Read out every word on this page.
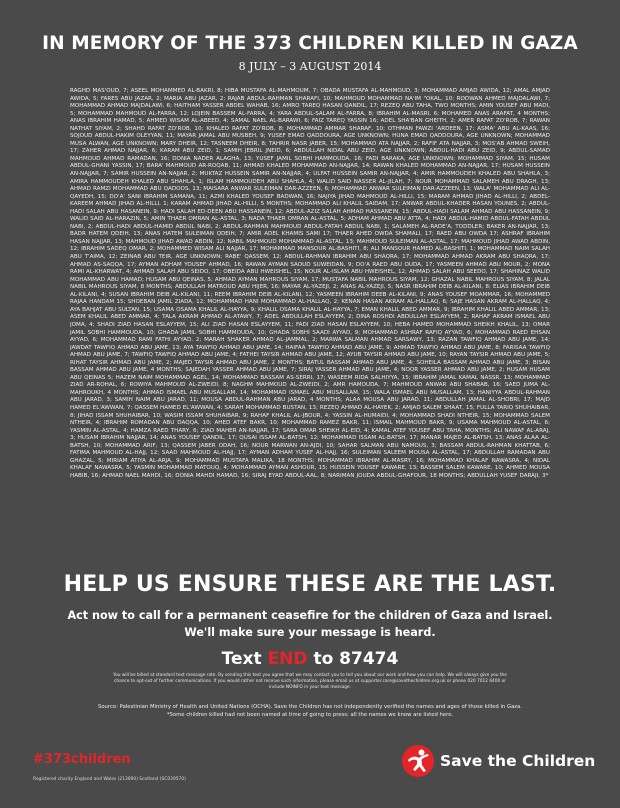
IN MEMORY OF THE 373 CHILDREN KILLED IN GAZA
8 JULY – 3 AUGUST 2014
RAGHD MAS'OUD, 7; ASEEL MOHAMMED AL-BAKRI, 8; HIBA MUSTAFA AL-MAHMOUM, 7; OBADA MUSTAFA AL-MAHMOUD, 3; MOHAMMAD AMJAD AWIDA, 12; AMAL AMJAD AWIDA, 5; FARES ABU JAZAR, 2; MARIA ABU JAZAR, 2; RAJAB ABDUL-RAHMAN SHARAFI, 10; MAHMOUD MOHAMMAD NA'IM "OKAL, 10; RODWAN AHMED MAJDALAWI, 7; MOHAMMAD AHMAD MAJDALAWI, 6; HAITHAM YASSER ABDEL WAHAB, 16; AMRO TAREQ HASAN QANDIL, 17; REZEQ ABU TAHA, TWO MONTHS; AMIN YOUSEF ABU MADI, 5; MOHAMMAD MAHMOUD AL-FARRA, 12; LOJEIN BASSEM AL-FARRA, 4; YARA ABDUL-SALAM AL-FARRA, 8; IBRAHIM AL-MASRI, 6; MOHAMED ANAS ARAFAT, 4 MONTHS; ANAS IBRAHIM HAMAD, 5; AHMED WISAM AL-ABEED, 4; SAMAL NAEL AL-BARAWI, 6; FAIZ TAREQ YASSIN 16; ADEL SHA'BAN GHEITH, 2; AMER RAFAT ZO'ROB, 7; RAWAN NATHAT SIYAM, 2; SHAHD RAFAT ZO'ROB, 10; KHALED RAFAT ZO'ROB, 8; MOHAMMAD AMMAR SHARAF, 10; OTHMAN FAWZI 'ARDEEN, 17; ASMA' ABU AL-KAAS, 16; SOJOUD ABDUL-HAKIM OLEYYAN, 11; MAYAR JAMAL ABU MUSBEH, 9; YUSEF EMAD QADDOURA, AGE UNKNOWN; HUNA EMAD QADDOURA, AGE UNKNOWN; MOHAMMAD MUSA ALWAN, AGE UNKNOWN; MARY DHEIR, 12; TASNEEM DHEIR, 8; TAHRIR NASR JABER, 15; MOHAMMAD ATA NAJJAR, 2; RAFIF ATA NAJJAR, 3; MOS'AB AHMAD SWEIH, 17; ZAHER AHMAD NAJJAR, 6; KARAM ABU ZEID, 1; SAMIH JEBRIL JNEID, 6; ABDULLAH NIDAL ABU ZEID, AGE UNKNOWN; ABDUL-HADI ABU ZEID, 9; ABDUL-SAMAD MAHMOUD AHMAD RAMADAN, 16; DONIA NADER ALAGHA, 13; YUSEF JAMIL SOBHI HAMMOUDA, 16; FADI BARAKA, AGE UNKNOWN; MOHAMMAD SIYAM, 15; HUSAM ABDUL-GHANI YASSIN, 17; BARA' MAHMOUD AR-ROQAB, 11; AHMAD KHALED MOHAMMAD AN-NAJJAR, 14; RAWAN KHALED MOHAMMAD AN-NAJJAR, 17; HUSAM HUSSEIN AN-NAJJAR, 7; SAMIR HUSSEIN AN-NAJJAR, 2; MUKTAZ HUSSEIN SAMIR AN-NAJJAR, 4; ULFAT HUSSEIN SAMIR AN-NAJJAR, 4; AMIR HAMMOUDEH KHALED ABU SHAHLA, 3; AMIRA HAMMOUDEH KHALED ABU SHAHLA, 1; ISLAM HAMMOUDEH ABU SHAHLA, 4; WALID SAID NASSER AL-JILAH, 7; NOUR MOHAMMAD SALAMEH ABU DRAGH, 13; AHMAD RAMZI MOHAMMAD ABU QADOOS, 13; MAISARA ANWAR SULEIMAN DAR-AZZEEN, 6; MOHAMMAD ANWAR SULEIMAN DAR-AZZEEN, 13; WALA' MOHAMMAD ALI AL-QAYEDH, 15; DO'A' SANI IBRAHIM SAMANA, 11; AZMI KHALED YOUSEF BADWAN, 16; NAJIYA JIHAD MAHMOUD AL-HILLI, 15; MARAM AHMAD JIHAD AL-HILLI, 2; ABDEL-KAREEM AHMAD JIHAD AL-HILLI, 1; KARAM AHMAD JIHAD AL-HILLI, 5 MONTHS; MOHAMMAD ALI KHALIL SAIDAM, 17; ANWAR ABDUL-KHADER HASAN YOUNES, 2; ABDUL-HADI SALAH ABU HASANEIN, 9; HADI SALAH ED-DEEN ABU HASSANEIN, 12; ABDUL-AZIZ SALAH AHMAD HASSANEIN, 15; ABDUL-HADI SALAM AHMAD ABU HASSANEIN, 9; WALID SAID AL-HARAZIN, 5; AMIN THAER OMRAN AL-ASTAL, 3; NADA THAER OMRAN AL-ASTAL, 5; ADHAM AHMAD ABU ATTA, 4; HADI ABDUL-HAMID ABDUL-FATAH ABDUL NABI, 2; ABDUL-HADI ABDUL-HAMID ABDUL NABI, 2; ABDUL-RAHMAN MAHMOUD ABDUL-FATAH ABDUL NABI, 1; SALAMEH AL-RADE'A, TODDLER; BAKER AN-NAJJAR, 13; BADR HATEM QDEIH, 13; ANAS HATEM SULEIMAN QDEIH, 7; AMIR ADEL KHAMIS SAMI 17; THAER AHED OWDA SHAMALI, 17; RAED ABU OWDA 17; ASHRAF IBRAHIM HASAN NAJJAR, 13; MAHMOUD JIHAD AWAD ABDIN, 12; NABIL MAHMOUD MOHAMMAD AL-ASTAL, 13; MAHMOUD SULEIMAN AL-ASTAL, 17; MAHMOUD JIHAD AWAD ABDIN, 12; IBRAHIM SADEQ OMAR, 2; MOHAMMED WISAM ALI NAJJAR, 17; MOHAMMAD MANSOUR AL-BASHITI, 8; ALI MANSOUR HAMED AL-BASHITI, 1; MOHAMMAD NAIM SALAH ABU T'AIMA, 12; ZEINAB ABU TEIR, AGE UNKNOWN; RABE' QASSEM, 12; ABDUL-RAHMAN IBRAHIM ABU SHAQRA, 17; MOHAMMAD AHMAD AKRAM ABU SHAQRA, 17; AHMAD AS-SAQQA, 17; AYMAN ADHAM YOUSEF AHMAD, 16; RAWAN AYMAN SAOUD SUWEIDAN, 9; DO'A RAED ABU OUDA, 17; YASMEEN AHMAD ABU MOUR, 2; MONA RAMI AL-KHARWAT, 4; AHMAD SALAH ABU SEIDO, 17; OBEIDA ABU HWEISHEL, 15; NOUR AL-ISLAM ABU HWEISHEL, 12; AHMAD SALAH ABU SEEDO, 17; SHAHINAZ WALID MOHAMMAD ABU HAMAD; HUSAM ABU QEINAS, 5; AHMAD AYMAN MAHROUS SIYAM, 17; MUSTAFA NABIL MAHROUS SIYAM, 12; GHAZAL NABIL MAHROUS SIYAM, 8; JALAL NABIL MAHROUS SIYAM, 8 MONTHS; ABDULLAH MATROUD ABU HIJER, 16; MAYAR AL-YAZEJI, 2; ANAS AL-YAZEJI, 5; NASR IBRAHIM DEIB AL-KILANI, 8; ELIAS IBRAHIM DEIB AL-KILANI, 4; SUSAN IBRAHIM DEIB AL-KILANI, 11; REEM IBRAHIM DEIB AL-KILANI, 12; YASMEEN IBRAHIM DEEB AL-KILANI, 9; ANAS YOUSEF MOAMMAR, 16; MOHAMMED RAJAA HANDAM 15; SHOEBAN JAMIL ZIADA, 12; MOHAMMAD HANI MOHAMMAD AL-HALLAQ, 2; KENAN HASAN AKRAM AL-HALLAQ, 6; SAJE HASAN AKRAM AL-HALLAQ, 4; AYA BAHJAT ABU SULTAN, 15; USAMA OSAMA KHALIL AL-HAYYA, 9; KHALIL OSAMA KHALIL AL-HAYYA, 7; EMAN KHALIL ABED AMMAR, 9; IBRAHIM KHALIL ABED AMMAR, 13; ASEM KHALIL ABED AMMAR, 4; TALA AKRAM AHMAD AL-ATAWY, 7; ADEL ABDULLAH ESLAYYEM, 2; DINA ROSHDI ABDULLAH ESLAYYEM, 2; RAHAF AKRAM ISMAEL ABU JOMA, 4; SHADI ZIAD HASAN ESLAYYEM, 15; ALI ZIAD HASAN ESLAYYEM, 11; FADI ZIAD HASAN ESLAYYEM, 10; HEBA HAMED MOHAMMAD SHEIKH KHALIL, 13; OMAR JAMIL SOBHI HAMMOUDA, 10; GHADA JAMIL SOBHI HAMMOUDA, 10; GHADA SOBHI SAADI AYYAD, 9; MOHAMMAD ASHRAF RAFIQ AYYAD, 6; MOHAMMAD RAED EHSAN AYYAD, 6; MOHAMMAD RAMI FATHI AYYAD, 2; MARAH SHAKER AHMAD AL-JAMMAL, 2; MARWA SALMAN AHMAD SARSAWY, 13; RAZAN TAWFIQ AHMAD ABU JAME, 14; JAWDAT TAWFIQ AHMAD ABU JAME, 13; AYA TAWFIQ AHMAD ABU JAME, 14; HAIFAA TAWFIQ AHMAD ABU JAME, 9; AHMAD TAWFIQ AHMAD ABU JAME, 8; FARISAA TAWFIQ AHMAD ABU JAME, 7; TAWFIQ TAWFIQ AHMAD ABU JAME, 4; FATHEI TAYSIR AHMAD ABU JAME, 12; AYUB TAYSIR AHMAD ABU JAME, 10; RAYAN TAYSIR AHMAD ABU JAME, 5; RIHAT TAYSIR AHMAD ABU JAME, 2; MAJED TAYSIR AHMAD ABU JAME, 2 MONTHS; BATUL BASSAM AHMAD ABU JAME, 4; SOHEILA BASSAM AHMAD ABU JAME, 3; BISAN BASSAM AHMAD ABU JAME, 4 MONTHS; SAJEDAH YASSER AHMAD ABU JAME, 7; SIRAJ YASSER AHMAD ABU JAME, 4; NOOR YASSER AHMAD ABU JAME, 2; HUSAM HUSAM ABU QEINAS 5; HAZEM NAIM MOHAMMAD AGEL, 14; MOHAMMAD BASSAM AS-SERRI, 17; WASEEM RIDA SALHIYYA, 15; IBRAHIM JAMAL KAMAL NASSR, 13; MOHAMMAD ZIAD AR-ROHAL, 6; ROWIYA MAHMOUD AL-ZWEIDI, 8; NAGHM MAHMOUD AL-ZWEIDI, 2; AMR HAMOUDA, 7; MAHMOUD ANWAR ABU SHABAB, 16; SAED JUMA AL-MAHROUKH, 4 MONTHS; AHMAD ISMAEL ABU MUSALLAM, 14; MOHAMMAD ISMAEL ABU MUSALLAM, 15; WALA ISMAEL ABU MUSALLAM, 13; HANIYYA ABDUL-RAHMAN ABU JARAD, 3; SAMIH NAIM ABU JARAD, 11; MOUSA ABDUL-RAHMAN ABU JARAD, 4 MONTHS; ALAA MOUSA ABU JARAD, 11; ABDULLAH JAMAL AL-SHOBRI, 17; MAJD HAMED EL'AWWAN, 7; QASSEM HAMED EL'AWWAN, 4; SARAH MOHAMMAD BUSTAN, 13; REZEQ AHMAD AL-HAYEK, 2; AMJAD SALEM SHAAT, 15; FULLA TARIQ SHUHAIBAR, 8; JIHAD ISSAM SHUHAIBAR, 10; WASIM ISSAM SHUHAIBAR, 9; RAHAF KHALIL AL-JBOUR, 4; YASSIN AL-HUMAIDI, 4; MOHAMMAD SHADI NTHEIR, 15; MOHAMMAD SALEM NTHEIR, 4; IBRAHIM ROMADAN ABU DAQQA, 10; AHED ATEF BAKR, 10; MOHAMMAD RAMEZ BAKR, 11; ISMAIL MAHMOUD BAKR, 9; USAMA MAHMOUD AL-ASTAL, 6; YASMIN AL-ASTAL, 4; HAMZA RAED THARY, 6; ZIAD MAHER AN-NAJJAR, 17; SARA OMAR SHEIKH AL-EID, 4; KAMAL ATEF YOUSEF ABU TAHA, MONTHS; ALI NAWAF AL-ARAJ, 3; HUSAM IBRAHIM NAJJAR, 14; ANAS YOUSEF QANDIL, 17; QUSAI ISSAM AL-BATSH, 12; MOHAMMAD ISSAM AL-BATSH, 17; MANAR MAJED AL-BATSH, 13; ANAS ALAA AL-BATSH, 10; MOHAMMAD ARIF, 13; QASSEM JABER ODAH, 16; NOUR MARWAN AN-AJDI, 10; SAHAR SALMAN ABU NAMOUS, 3; BASSAM ABDUL-RAHMAN KHATTAB, 6; FATIMA MAHMOUD AL-HAJJ, 12; SAAD MAHMOUD AL-HAJJ, 17; AYMAN ADHAM YUSEF AL-HAJJ, 16; SULEIMAN SALEEM MOUSA AL-ASTAL, 17; ABDULLAH RAMADAN ABU GHAZAL, 5; MIRIAM ATIYA AL-ARJA, 9; MOHAMMAD MUSTAFA MALIKA, 18 MONTHS; MOHAMMAD IBRAHIM AL-MASRY, 16; MOHAMMAD KHALAF NAWASRA, 4; NIDAL KHALAF NAWASRA, 5; YASMIN MOHAMMAD MATOUQ, 4; MOHAMMAD AYMAN ASHOUR, 15; HUSSEIN YOUSEF KAWARE, 13; BASSEM SALEM KAWARE, 10; AHMED MOUSA HABIB, 16; AHMAD NAEL MAHDI, 16; DONIA MAHDI HAMAD, 16; SIRAJ EYAD ABDUL-AAL, 8; NARIMAN JOUDA ABDUL-GHAFOUR, 18 MONTHS; ABDULLAH YUSEF DARAJI, 3*
HELP US ENSURE THESE ARE THE LAST.
Act now to call for a permanent ceasefire for the children of Gaza and Israel.
We'll make sure your message is heard.
Text END to 87474
You will be billed at standard text message rate. By sending this text you agree that we may contact you to tell you about our work and how you can help. We will always give you the chance to opt-out of further communications. If you would rather not receive such information, please email us at supporter.care@savethechildren.org.uk or phone 020 7012 6400 or include NOINFO in your text message.
Source: Palestinian Ministry of Health and United Nations (OCHA). Save the Children has not independently verified the names and ages of those killed in Gaza.
*Some children killed had not been named at time of going to press: all the names we know are listed here.
#373children
Registered charity England and Wales (213890) Scotland (SC039570)
Save the Children
